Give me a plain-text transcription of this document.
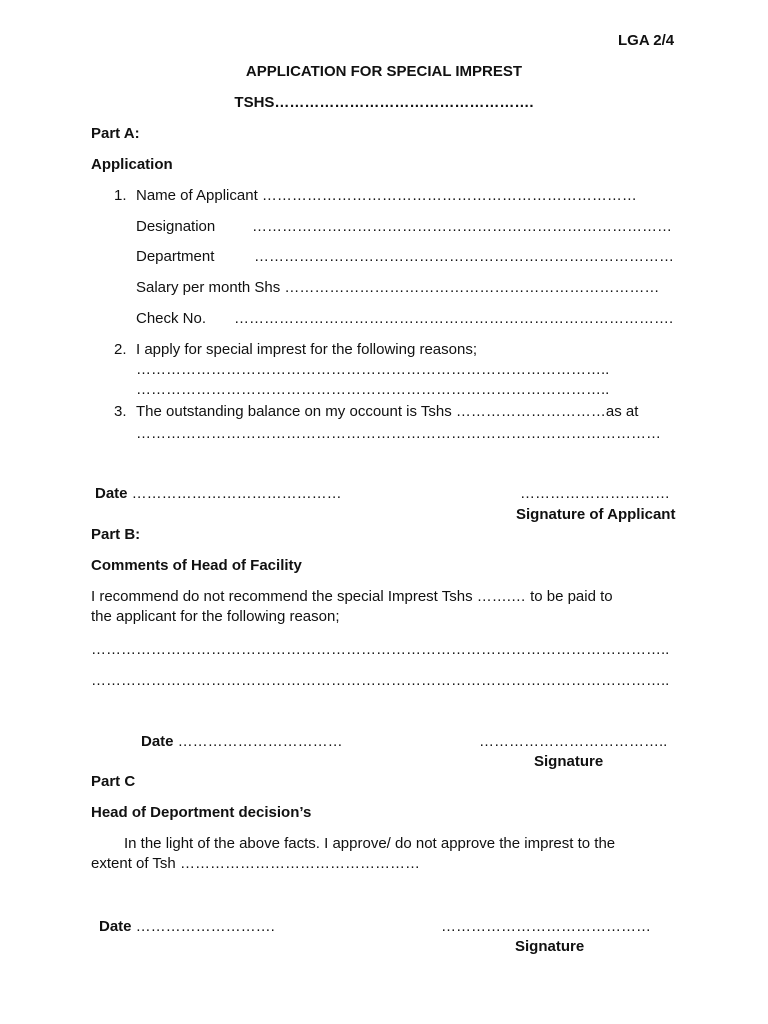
LGA 2/4
APPLICATION FOR SPECIAL IMPREST
TSHS…………………………………………….
Part A:
Application
1. Name of Applicant …………………………………………………………………
Designation …………………………………………………………………………
Department	…………………………………………………………………………
Salary per month Shs …………………………………………………………………
Check No. …………………………………………………………………………….
2. I apply for special imprest for the following reasons;
…………………………………………………………………………………..
…………………………………………………………………………………..
3. The outstanding balance on my occount is Tshs …………………………as at
……………………………………………………………………………………………
Date ……………………………………	…………………………
Signature of Applicant
Part B:
Comments of Head of Facility
I recommend do not recommend the special Imprest Tshs …….… to be paid to
the applicant for the following reason;
……………………………………………………………………………………………………..
……………………………………………………………………………………………………..
Date ……………………………	………………………………..
Signature
Part C
Head of Deportment decision’s
In the light of the above facts. I approve/ do not approve the imprest to the
extent of Tsh …………………………………………
Date ……………………….	……………………………………
Signature
